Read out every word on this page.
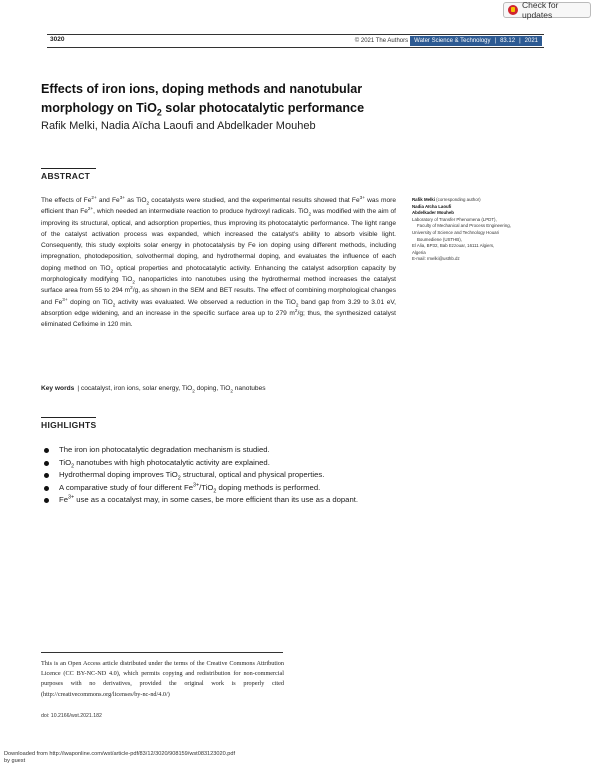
Check for updates
3020	© 2021 The Authors Water Science & Technology | 83.12 | 2021
Effects of iron ions, doping methods and nanotubular
morphology on TiO$_2$ solar photocatalytic performance
Rafik Melki, Nadia Aïcha Laoufi and Abdelkader Mouheb
ABSTRACT

The effects of $Fe^{2+}$ and $Fe^{3+}$ as TiO$_2$ cocatalysts were studied, and the experimental results showed that $Fe^{3+}$ was more efficient than $Fe^{2+}$, which needed an intermediate reaction to produce hydroxyl radicals. TiO$_2$ was modified with the aim of improving its structural, optical, and adsorption properties, thus improving its photocatalytic performance. The light range of the catalyst activation process was expanded, which increased the catalyst's ability to absorb visible light. Consequently, this study exploits solar energy in photocatalysis by Fe ion doping using different methods, including impregnation, photodeposition, solvothermal doping, and hydrothermal doping, and evaluates the influence of each doping method on TiO$_2$ optical properties and photocatalytic activity. Enhancing the catalyst adsorption capacity by morphologically modifying TiO$_2$ nanoparticles into nanotubes using the hydrothermal method increases the catalyst surface area from 55 to 294 $m^2/g$, as shown in the SEM and BET results. The effect of combining morphological changes and $Fe^{3+}$ doping on TiO$_2$ activity was evaluated. We observed a reduction in the TiO$_2$ band gap from 3.29 to 3.01 eV, absorption edge widening, and an increase in the specific surface area up to 279 $m^2/g$; thus, the synthesized catalyst eliminated Cefixime in 120 min.

Key words | cocatalyst, iron ions, solar energy, TiO$_2$ doping, TiO$_2$ nanotubes
Rafik Melki (corresponding author)
Nadia Aïcha Laoufi
Abdelkader Mouheb
Laboratory of Transfer Phenomena (LPDT),
Faculty of Mechanical and Process Engineering,
University of Science and Technology Houari
Boumediene (USTHB),
El Alia, BP32, Bab Ezzouar, 16111 Algiers,
Algeria
E-mail: rmelki@usthb.dz
HIGHLIGHTS
The iron ion photocatalytic degradation mechanism is studied.
TiO$_2$ nanotubes with high photocatalytic activity are explained.
Hydrothermal doping improves TiO$_2$ structural, optical and physical properties.
A comparative study of four different $Fe^{3+}/TiO_2$ doping methods is performed.
$Fe^{3+}$ use as a cocatalyst may, in some cases, be more efficient than its use as a dopant.
This is an Open Access article distributed under the terms of the Creative Commons Attribution Licence (CC BY-NC-ND 4.0), which permits copying and redistribution for non-commercial purposes with no derivatives, provided the original work is properly cited (http://creativecommons.org/licenses/by-nc-nd/4.0/)
doi: 10.2166/wst.2021.182
Downloaded from http://iwaponline.com/wst/article-pdf/83/12/3020/908159/wst083123020.pdf
by guest
